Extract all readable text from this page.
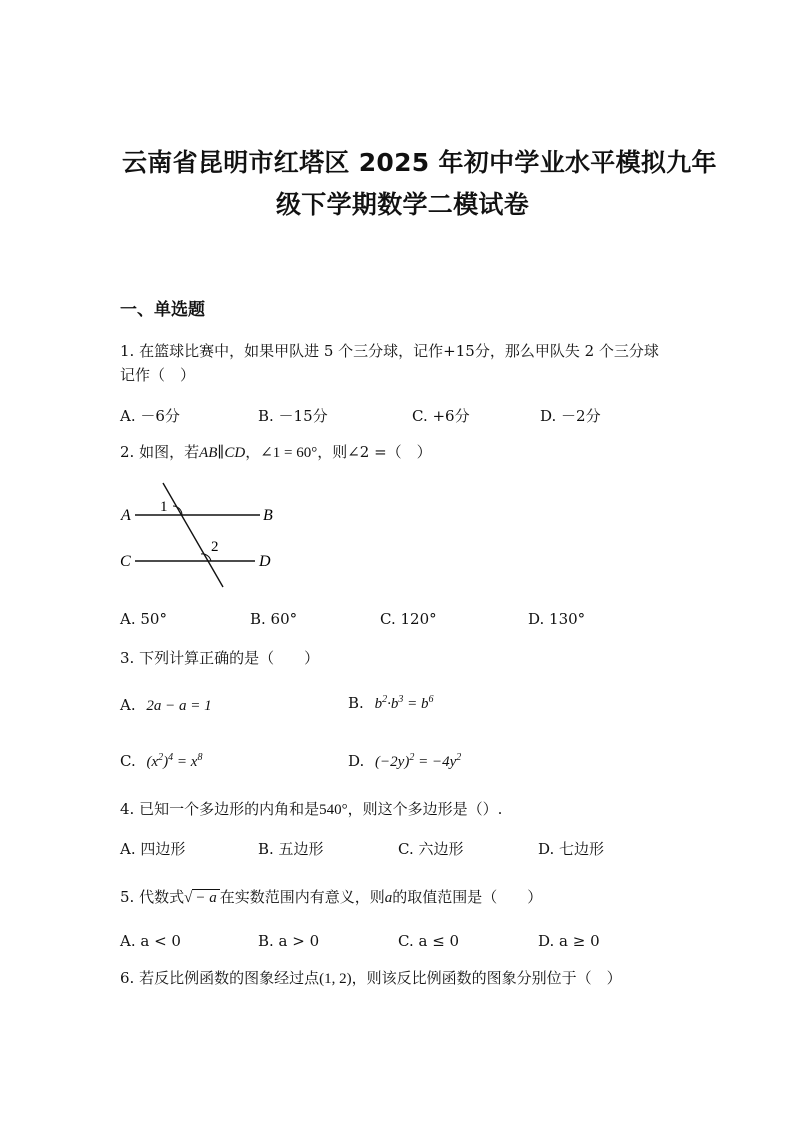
云南省昆明市红塔区 2025 年初中学业水平模拟九年
级下学期数学二模试卷
一、单选题
1. 在篮球比赛中，如果甲队进 5 个三分球，记作+15分，那么甲队失 2 个三分球
记作（　）
A. －6分	B. －15分	C. +6分	D. －2分
2. 如图，若AB∥CD，∠1 = 60°，则∠2 =（　）
A	B
C	D
1
2
A. 50°	B. 60°	C. 120°	D. 130°
3. 下列计算正确的是（　　）
A. 2a − a = 1	B. $b^2\cdot b^3 = b^6$
C. $(x^2)^4 = x^8$	D. $(-2y)^2 = -4y^2$
4. 已知一个多边形的内角和是540°，则这个多边形是（）.
A. 四边形	B. 五边形	C. 六边形	D. 七边形
5. 代数式√ − a 在实数范围内有意义，则a的取值范围是（　　）
A. a < 0	B. a > 0	C. a ≤ 0	D. a ≥ 0
6. 若反比例函数的图象经过点(1, 2)，则该反比例函数的图象分别位于（　）
